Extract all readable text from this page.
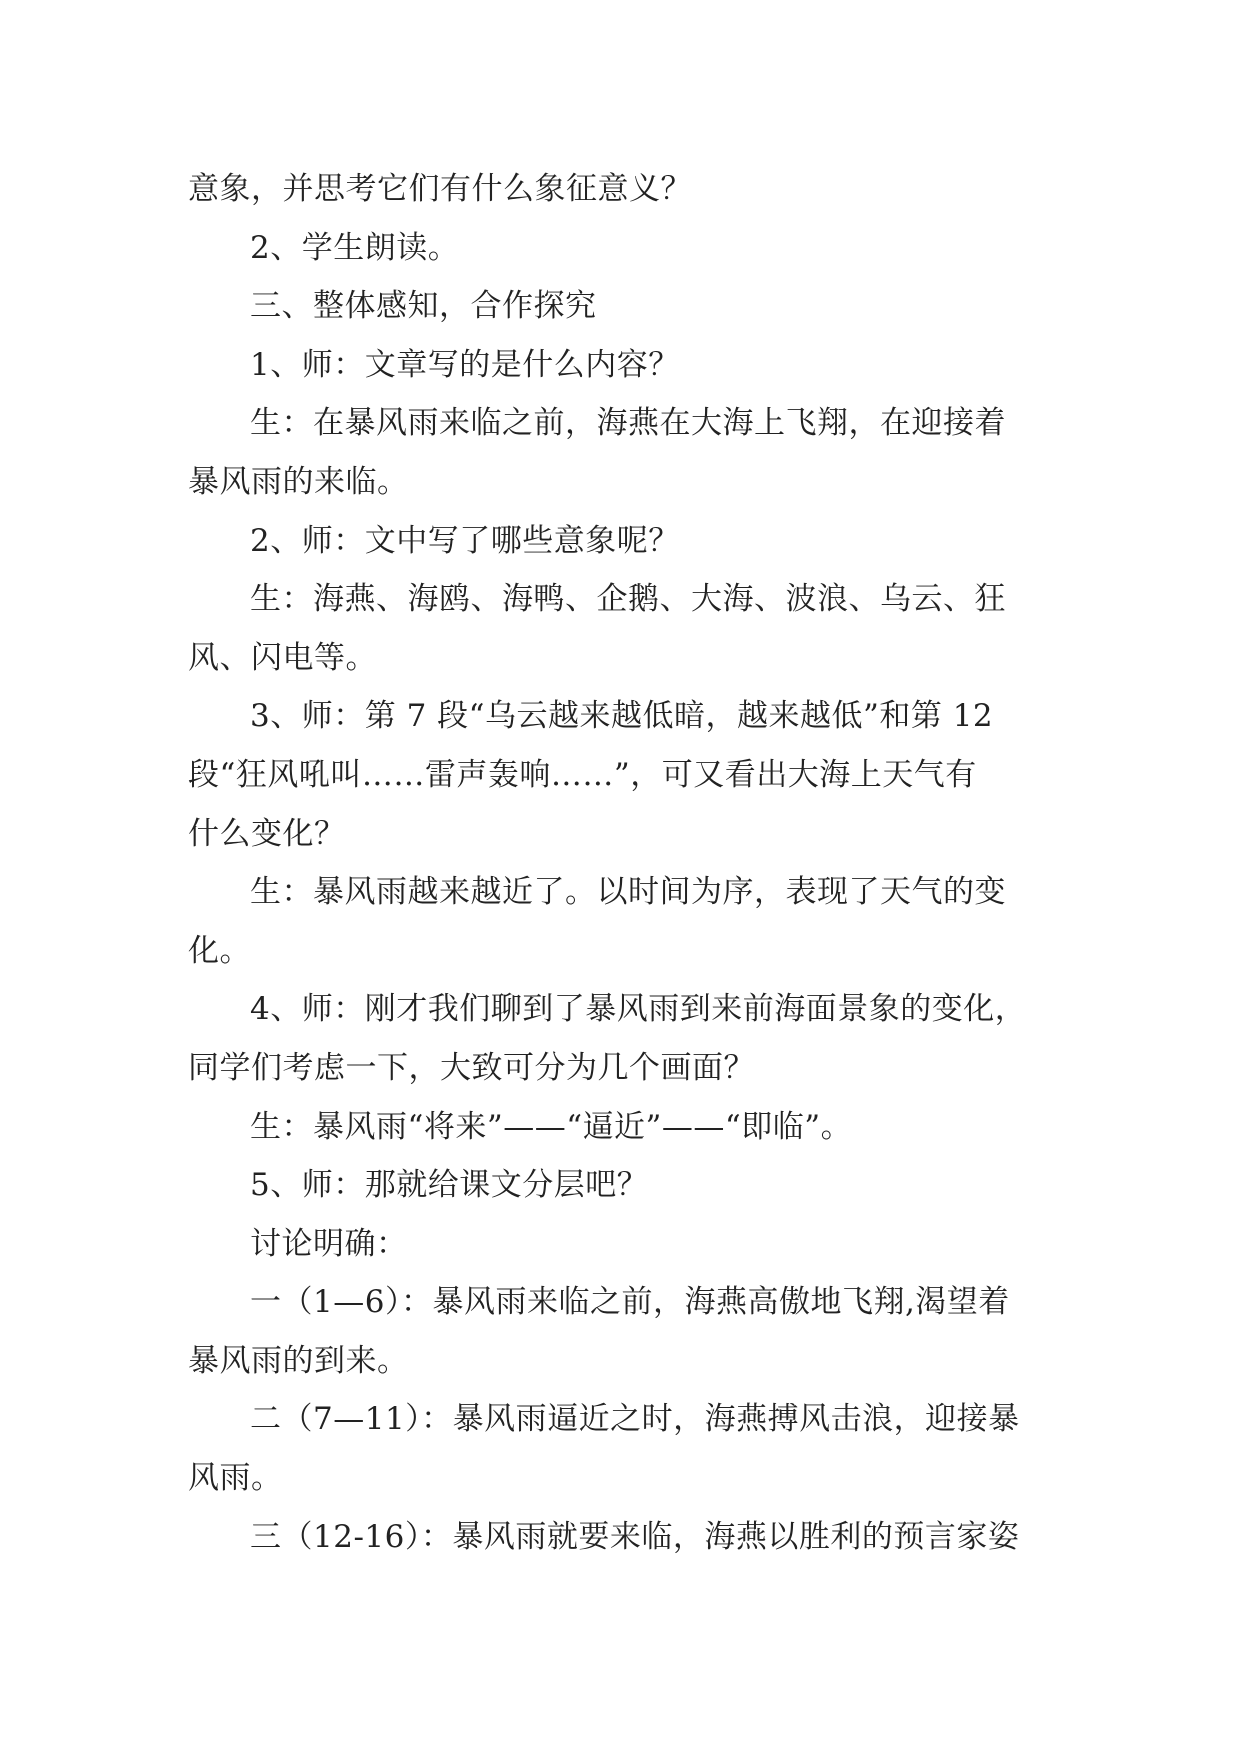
意象，并思考它们有什么象征意义？

2、学生朗读。

三、整体感知，合作探究

1、师：文章写的是什么内容？

生：在暴风雨来临之前，海燕在大海上飞翔，在迎接着

暴风雨的来临。

2、师：文中写了哪些意象呢？

生：海燕、海鸥、海鸭、企鹅、大海、波浪、乌云、狂

风、闪电等。

3、师：第 7 段“乌云越来越低暗，越来越低”和第 12

段“狂风吼叫……雷声轰响……”，可又看出大海上天气有

什么变化？

生：暴风雨越来越近了。以时间为序，表现了天气的变

化。

4、师：刚才我们聊到了暴风雨到来前海面景象的变化，

同学们考虑一下，大致可分为几个画面？

生：暴风雨“将来”——“逼近”——“即临”。

5、师：那就给课文分层吧？

讨论明确：

一（1—6）：暴风雨来临之前，海燕高傲地飞翔,渴望着

暴风雨的到来。

二（7—11）：暴风雨逼近之时，海燕搏风击浪，迎接暴

风雨。

三（12-16）：暴风雨就要来临，海燕以胜利的预言家姿
